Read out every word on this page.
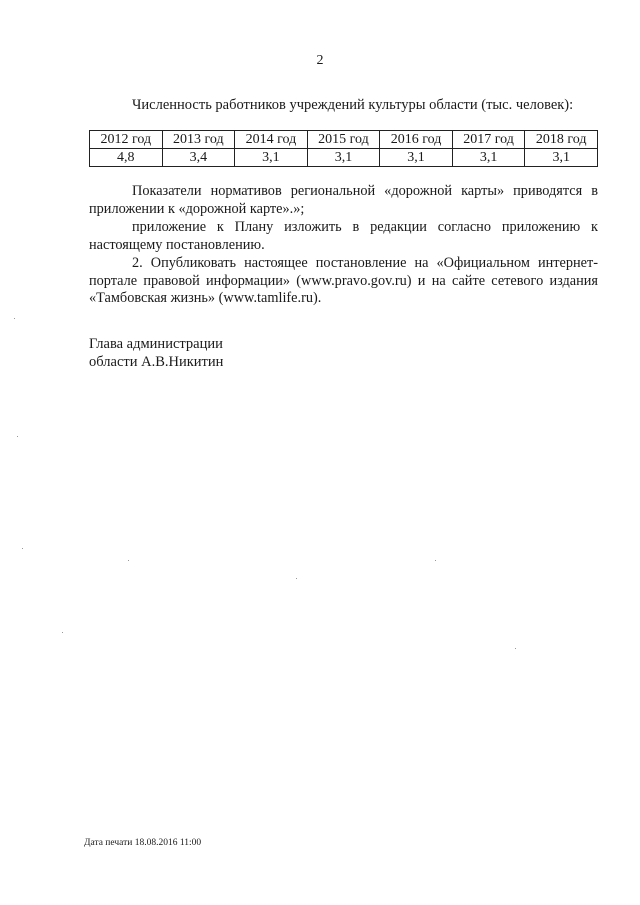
2
Численность работников учреждений культуры области (тыс. человек):
2012 год	2013 год	2014 год	2015 год	2016 год	2017 год	2018 год
4,8	3,4	3,1	3,1	3,1	3,1	3,1

Показатели нормативов региональной «дорожной карты» приводятся в приложении к «дорожной карте».»;

приложение к Плану изложить в редакции согласно приложению к настоящему постановлению.

2. Опубликовать настоящее постановление на «Официальном интернет-портале правовой информации» (www.pravo.gov.ru) и на сайте сетевого издания «Тамбовская жизнь» (www.tamlife.ru).

Глава администрации
области А.В.Никитин
Дата печати 18.08.2016 11:00
